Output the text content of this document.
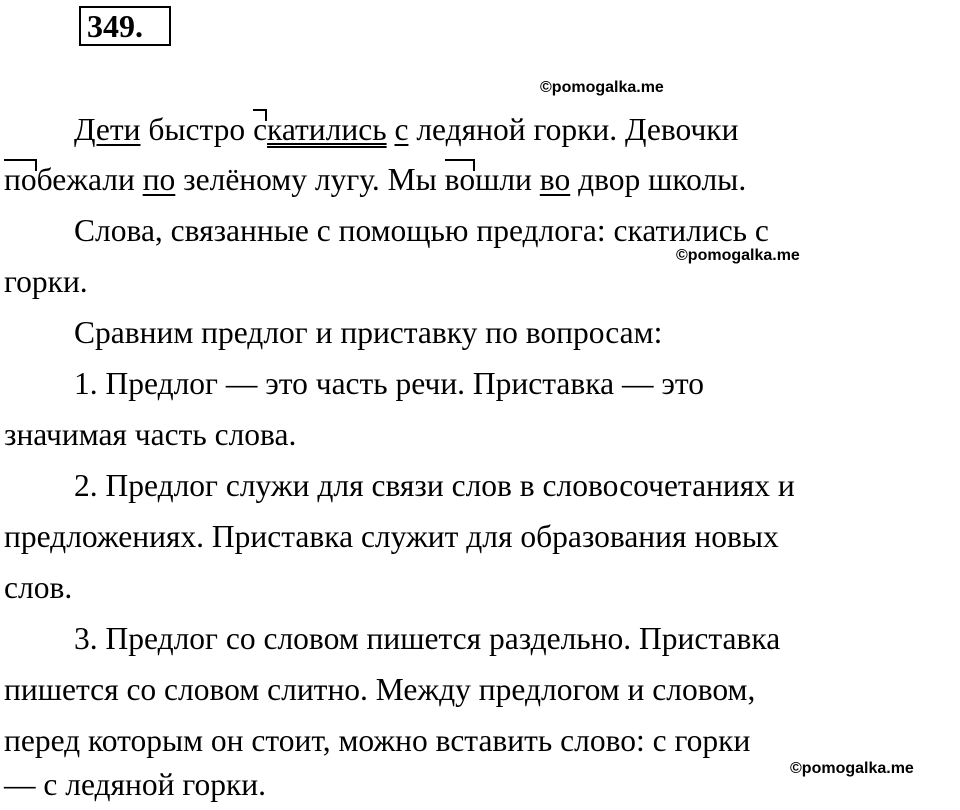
349.
©pomogalka.me
Дети быстро скатились с ледяной горки. Девочки
побежали по зелёному лугу. Мы вошли во двор школы.
Слова, связанные с помощью предлога: скатились с
©pomogalka.me
горки.
Сравним предлог и приставку по вопросам:
1. Предлог — это часть речи. Приставка — это
значимая часть слова.
2. Предлог служи для связи слов в словосочетаниях и
предложениях. Приставка служит для образования новых
слов.
3. Предлог со словом пишется раздельно. Приставка
пишется со словом слитно. Между предлогом и словом,
перед которым он стоит, можно вставить слово: с горки
— с ледяной горки.	©pomogalka.me
